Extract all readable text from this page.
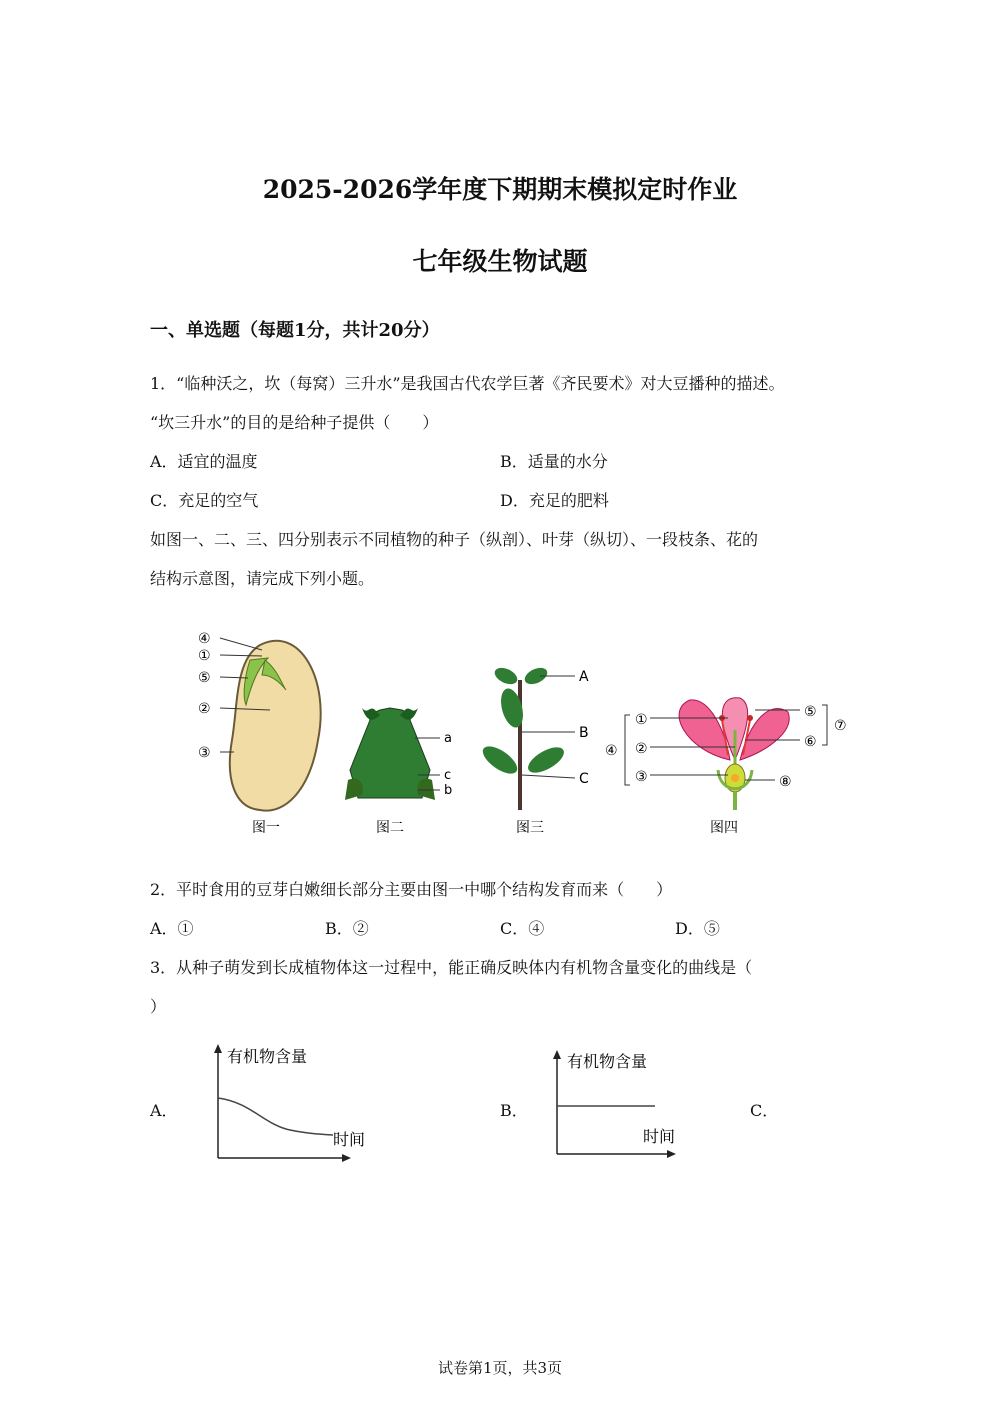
2025-2026学年度下期期末模拟定时作业
七年级生物试题
一、单选题（每题1分，共计20分）
1．“临种沃之，坎（每窝）三升水”是我国古代农学巨著《齐民要术》对大豆播种的描述。
“坎三升水”的目的是给种子提供（　　）
A．适宜的温度	B．适量的水分
C．充足的空气	D．充足的肥料
如图一、二、三、四分别表示不同植物的种子（纵剖）、叶芽（纵切）、一段枝条、花的
结构示意图，请完成下列小题。
④
①
⑤
②
③
图一
a
c
b
图二
A
B
C
图三
①
②
③
④
⑤
⑥
⑦
⑧
图四
2．平时食用的豆芽白嫩细长部分主要由图一中哪个结构发育而来（　　）
A．①	B．②	C．④	D．⑤
3．从种子萌发到长成植物体这一过程中，能正确反映体内有机物含量变化的曲线是（
）
A．	B．	C．
有机物含量
时间
有机物含量
时间
试卷第1页，共3页
